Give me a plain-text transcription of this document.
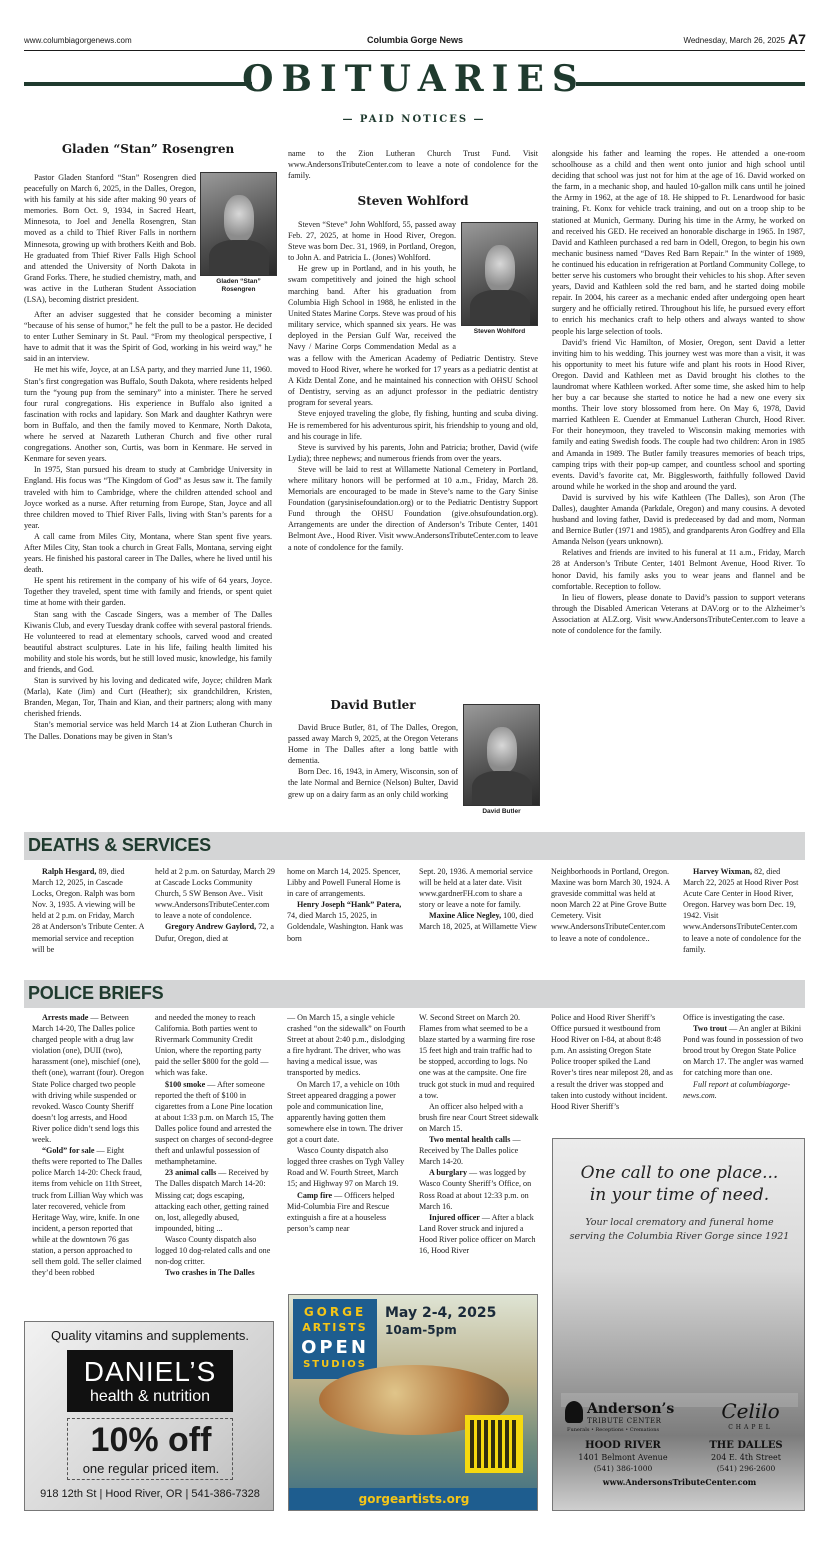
www.columbiagorgenews.com	Columbia Gorge News	Wednesday, March 26, 2025 A7
OBITUARIES
— PAID NOTICES —
Gladen “Stan” Rosengren
Gladen “Stan” Rosengren

Pastor Gladen Stanford “Stan” Rosengren died peacefully on March 6, 2025, in the Dalles, Oregon, with his family at his side after making 90 years of memories. Born Oct. 9, 1934, in Sacred Heart, Minnesota, to Joel and Jenella Rosengren, Stan moved as a child to Thief River Falls in northern Minnesota, growing up with brothers Keith and Bob. He graduated from Thief River Falls High School and attended the University of North Dakota in Grand Forks. There, he studied chemistry, math, and was active in the Lutheran Student Association (LSA), becoming district president.

After an adviser suggested that he consider becoming a minister “because of his sense of humor,” he felt the pull to be a pastor. He decided to enter Luther Seminary in St. Paul. “From my theological perspective, I have to admit that it was the Spirit of God, working in his weird way,” he said in an interview.

He met his wife, Joyce, at an LSA party, and they married June 11, 1960. Stan’s first congregation was Buffalo, South Dakota, where residents helped turn the “young pup from the seminary” into a minister. There he served four rural congregations. His experience in Buffalo also ignited a fascination with rocks and lapidary. Son Mark and daughter Kathryn were born in Buffalo, and then the family moved to Kenmare, North Dakota, where he served at Nazareth Lutheran Church and five other rural congregations. Another son, Curtis, was born in Kenmare. He served in Kenmare for seven years.

In 1975, Stan pursued his dream to study at Cambridge University in England. His focus was “The Kingdom of God” as Jesus saw it. The family traveled with him to Cambridge, where the children attended school and Joyce worked as a nurse. After returning from Europe, Stan, Joyce and all three children moved to Thief River Falls, living with Stan’s parents for a year.

A call came from Miles City, Montana, where Stan spent five years. After Miles City, Stan took a church in Great Falls, Montana, serving eight years. He finished his pastoral career in The Dalles, where he lived until his death.

He spent his retirement in the company of his wife of 64 years, Joyce. Together they traveled, spent time with family and friends, or spent quiet time at home with their garden.

Stan sang with the Cascade Singers, was a member of The Dalles Kiwanis Club, and every Tuesday drank coffee with several pastoral friends. He volunteered to read at elementary schools, carved wood and created beautiful abstract sculptures. Late in his life, failing health limited his mobility and stole his words, but he still loved music, knowledge, his family and friends, and God.

Stan is survived by his loving and dedicated wife, Joyce; children Mark (Marla), Kate (Jim) and Curt (Heather); six grandchildren, Kristen, Branden, Megan, Tor, Thain and Kian, and their partners; along with many cherished friends.

Stan’s memorial service was held March 14 at Zion Lutheran Church in The Dalles. Donations may be given in Stan’s

name to the Zion Lutheran Church Trust Fund. Visit www.AndersonsTributeCenter.com to leave a note of condolence for the family.

Steven Wohlford
Steven Wohlford

Steven “Steve” John Wohlford, 55, passed away Feb. 27, 2025, at home in Hood River, Oregon. Steve was born Dec. 31, 1969, in Portland, Oregon, to John A. and Patricia L. (Jones) Wohlford.

He grew up in Portland, and in his youth, he swam competitively and joined the high school marching band. After his graduation from Columbia High School in 1988, he enlisted in the United States Marine Corps. Steve was proud of his military service, which spanned six years. He was deployed in the Persian Gulf War, received the Navy / Marine Corps Commendation Medal as a

was a fellow with the American Academy of Pediatric Dentistry. Steve moved to Hood River, where he worked for 17 years as a pediatric dentist at A Kidz Dental Zone, and he maintained his connection with OHSU School of Dentistry, serving as an adjunct professor in the pediatric dentistry program for several years.

Steve enjoyed traveling the globe, fly fishing, hunting and scuba diving. He is remembered for his adventurous spirit, his friendship to young and old, and his courage in life.

Steve is survived by his parents, John and Patricia; brother, David (wife Lydia); three nephews; and numerous friends from over the years.

Steve will be laid to rest at Willamette National Cemetery in Portland, where military honors will be performed at 10 a.m., Friday, March 28. Memorials are encouraged to be made in Steve’s name to the Gary Sinise Foundation (garysinisefoundation.org) or to the Pediatric Dentistry Support Fund through the OHSU Foundation (give.ohsufoundation.org). Arrangements are under the direction of Anderson’s Tribute Center, 1401 Belmont Ave., Hood River. Visit www.AndersonsTributeCenter.com to leave a note of condolence for the family.

David Butler
David Butler

David Bruce Butler, 81, of The Dalles, Oregon, passed away March 9, 2025, at the Oregon Veterans Home in The Dalles after a long battle with dementia.

Born Dec. 16, 1943, in Amery, Wisconsin, son of the late Normal and Bernice (Nelson) Bulter, David grew up on a dairy farm as an only child working

alongside his father and learning the ropes. He attended a one-room schoolhouse as a child and then went onto junior and high school until deciding that school was just not for him at the age of 16. David worked on the farm, in a mechanic shop, and hauled 10-gallon milk cans until he joined the Army in 1962, at the age of 18. He shipped to Ft. Lenardwood for basic training, Ft. Konx for vehicle track training, and out on a troop ship to be stationed at Munich, Germany. During his time in the Army, he worked on and received his GED. He received an honorable discharge in 1965. In 1987, David and Kathleen purchased a red barn in Odell, Oregon, to begin his own mechanic business named “Daves Red Barn Repair.” In the winter of 1989, he continued his education in refrigeration at Portland Community College, to better serve his customers who brought their vehicles to his shop. After seven years, David and Kathleen sold the red barn, and he started doing mobile repair. In 2004, his career as a mechanic ended after undergoing open heart surgery and he officially retired. Throughout his life, he pursued every effort to enrich his mechanics craft to help others and always wanted to show people his large selection of tools.

David’s friend Vic Hamilton, of Mosier, Oregon, sent David a letter inviting him to his wedding. This journey west was more than a visit, it was his opportunity to meet his future wife and plant his roots in Hood River, Oregon. David and Kathleen met as David brought his clothes to the laundromat where Kathleen worked. After some time, she asked him to help her buy a car because she started to notice he had a new one every six months. Their love story blossomed from here. On May 6, 1978, David married Kathleen E. Cuender at Emmanuel Lutheran Church, Hood River. For their honeymoon, they traveled to Wisconsin making memories with family and eating Swedish foods. The couple had two children: Aron in 1985 and Amanda in 1989. The Butler family treasures memories of beach trips, camping trips with their pop-up camper, and countless school and sporting events. David’s favorite cat, Mr. Bigglesworth, faithfully followed David around while he worked in the shop and around the yard.

David is survived by his wife Kathleen (The Dalles), son Aron (The Dalles), daughter Amanda (Parkdale, Oregon) and many cousins. A devoted husband and loving father, David is predeceased by dad and mom, Norman and Bernice Butler (1971 and 1985), and grandparents Aron Godfrey and Ella Amanda Nelson (years unknown).

Relatives and friends are invited to his funeral at 11 a.m., Friday, March 28 at Anderson’s Tribute Center, 1401 Belmont Avenue, Hood River. To honor David, his family asks you to wear jeans and flannel and be comfortable. Reception to follow.

In lieu of flowers, please donate to David’s passion to support veterans through the Disabled American Veterans at DAV.org or to the Alzheimer’s Association at ALZ.org. Visit www.AndersonsTributeCenter.com to leave a note of condolence for the family.

DEATHS & SERVICES

Ralph Hesgard, 89, died March 12, 2025, in Cascade Locks, Oregon. Ralph was born Nov. 3, 1935. A viewing will be held at 2 p.m. on Friday, March 28 at Anderson’s Tribute Center. A memorial service and reception will be

held at 2 p.m. on Saturday, March 29 at Cascade Locks Community Church, 5 SW Benson Ave.. Visit www.AndersonsTributeCenter.com to leave a note of condolence.

Gregory Andrew Gaylord, 72, a Dufur, Oregon, died at

home on March 14, 2025. Spencer, Libby and Powell Funeral Home is in care of arrangements.

Henry Joseph “Hank” Patera, 74, died March 15, 2025, in Goldendale, Washington. Hank was born

Sept. 20, 1936. A memorial service will be held at a later date. Visit www.gardnerFH.com to share a story or leave a note for family.

Maxine Alice Negley, 100, died March 18, 2025, at Willamette View

Neighborhoods in Portland, Oregon. Maxine was born March 30, 1924. A graveside committal was held at noon March 22 at Pine Grove Butte Cemetery. Visit www.AndersonsTributeCenter.com to leave a note of condolence..

Harvey Wixman, 82, died March 22, 2025 at Hood River Post Acute Care Center in Hood River, Oregon. Harvey was born Dec. 19, 1942. Visit www.AndersonsTributeCenter.com to leave a note of condolence for the family.

POLICE BRIEFS

Arrests made — Between March 14-20, The Dalles police charged people with a drug law violation (one), DUII (two), harassment (one), mischief (one), theft (one), warrant (four). Oregon State Police charged two people with driving while suspended or revoked. Wasco County Sheriff doesn’t log arrests, and Hood River police didn’t send logs this week.

“Gold” for sale — Eight thefts were reported to The Dalles police March 14-20: Check fraud, items from vehicle on 11th Street, truck from Lillian Way which was later recovered, vehicle from Heritage Way, wire, knife. In one incident, a person reported that while at the downtown 76 gas station, a person approached to sell them gold. The seller claimed they’d been robbed

and needed the money to reach California. Both parties went to Rivermark Community Credit Union, where the reporting party paid the seller $800 for the gold — which was fake.

$100 smoke — After someone reported the theft of $100 in cigarettes from a Lone Pine location at about 1:33 p.m. on March 15, The Dalles police found and arrested the suspect on charges of second-degree theft and unlawful possession of methamphetamine.

23 animal calls — Received by The Dalles dispatch March 14-20: Missing cat; dogs escaping, attacking each other, getting rained on, lost, allegedly abused, impounded, biting ...

Wasco County dispatch also logged 10 dog-related calls and one non-dog critter.

Two crashes in The Dalles

— On March 15, a single vehicle crashed “on the sidewalk” on Fourth Street at about 2:40 p.m., dislodging a fire hydrant. The driver, who was having a medical issue, was transported by medics.

On March 17, a vehicle on 10th Street appeared dragging a power pole and communication line, apparently having gotten them somewhere else in town. The driver got a court date.

Wasco County dispatch also logged three crashes on Tygh Valley Road and W. Fourth Street, March 15; and Highway 97 on March 19.

Camp fire — Officers helped Mid-Columbia Fire and Rescue extinguish a fire at a houseless person’s camp near

W. Second Street on March 20. Flames from what seemed to be a blaze started by a warming fire rose 15 feet high and train traffic had to be stopped, according to logs. No one was at the campsite. One fire truck got stuck in mud and required a tow.

An officer also helped with a brush fire near Court Street sidewalk on March 15.

Two mental health calls — Received by The Dalles police March 14-20.

A burglary — was logged by Wasco County Sheriff’s Office, on Ross Road at about 12:33 p.m. on March 16.

Injured officer — After a black Land Rover struck and injured a Hood River police officer on March 16, Hood River

Police and Hood River Sheriff’s Office pursued it westbound from Hood River on I-84, at about 8:48 p.m. An assisting Oregon State Police trooper spiked the Land Rover’s tires near milepost 28, and as a result the driver was stopped and taken into custody without incident. Hood River Sheriff’s

Office is investigating the case.

Two trout — An angler at Bikini Pond was found in possession of two brood trout by Oregon State Police on March 17. The angler was warned for catching more than one.

Full report at columbiagorge-news.com.

Quality vitamins and supplements.
DANIEL’S
health & nutrition
10% off
one regular priced item.
918 12th St | Hood River, OR | 541-386-7328
GORGE
ARTISTS
OPEN
STUDIOS
May 2-4, 2025
10am-5pm
gorgeartists.org
One call to one place...
in your time of need.
Your local crematory and funeral home
serving the Columbia River Gorge since 1921
Anderson’s
TRIBUTE CENTER
Funerals • Receptions • Cremations
Celilo
CHAPEL
HOOD RIVER
1401 Belmont Avenue
(541) 386-1000
THE DALLES
204 E. 4th Street
(541) 296-2600
www.AndersonsTributeCenter.com
